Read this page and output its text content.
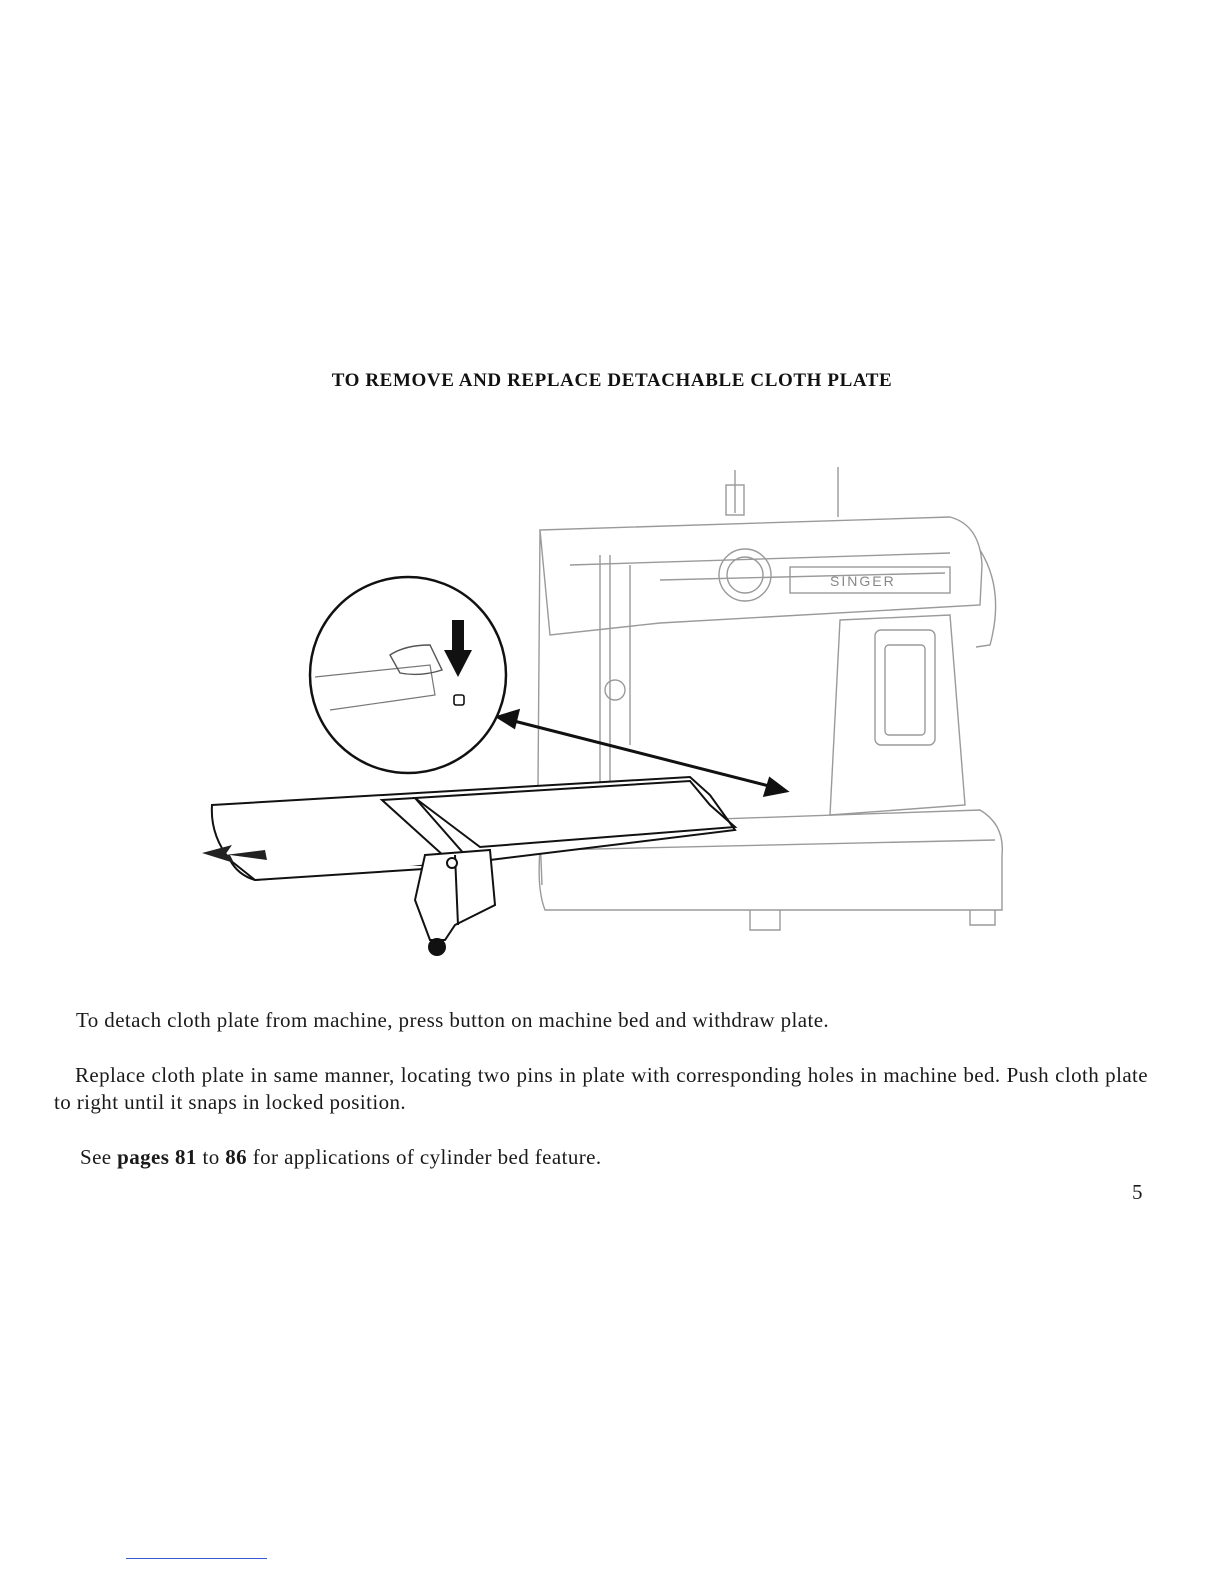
TO REMOVE AND REPLACE DETACHABLE CLOTH PLATE
SINGER
To detach cloth plate from machine, press button on machine bed and withdraw plate.
Replace cloth plate in same manner, locating two pins in plate with corresponding holes in machine bed. Push cloth plate to right until it snaps in locked position.
See pages 81 to 86 for applications of cylinder bed feature.
5
